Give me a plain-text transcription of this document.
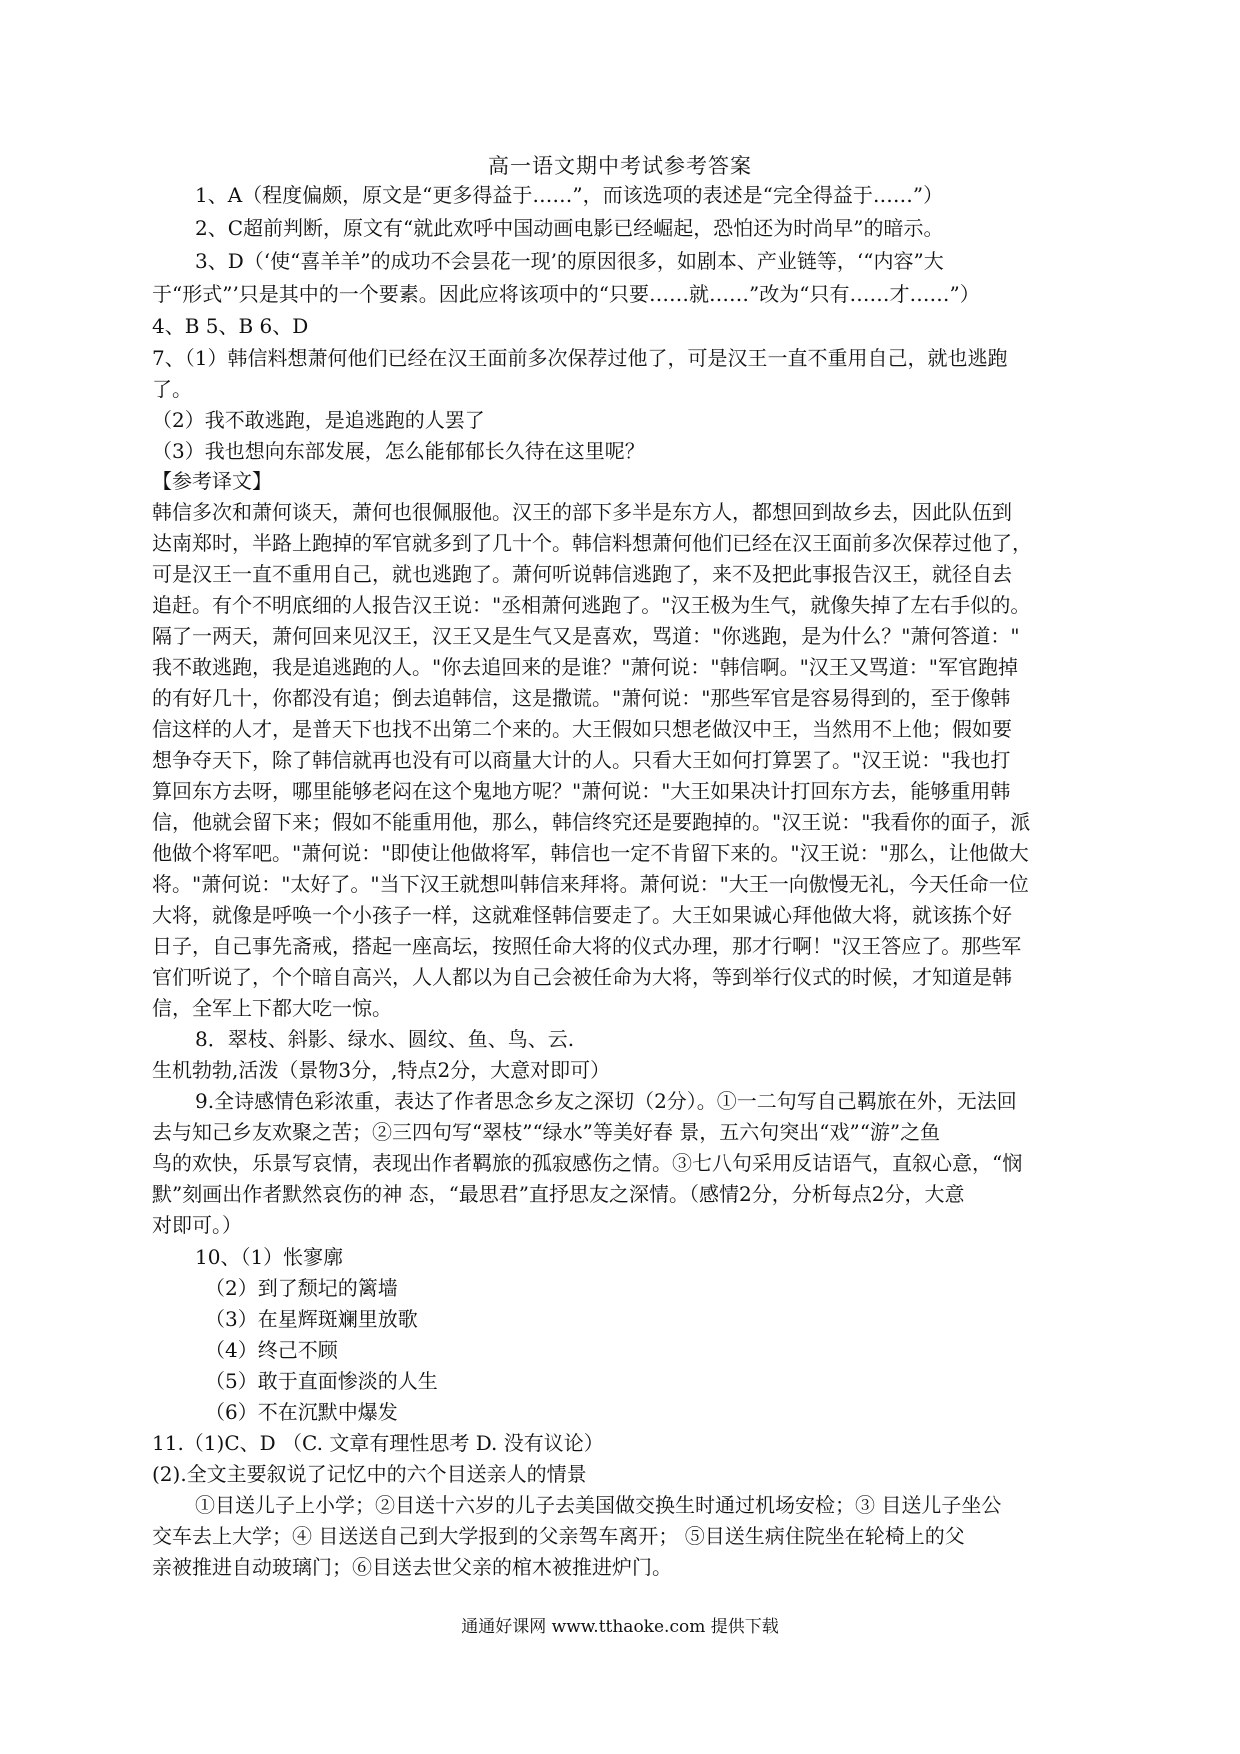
高一语文期中考试参考答案
1、A（程度偏颇，原文是“更多得益于……”，而该选项的表述是“完全得益于……”）
2、C超前判断，原文有“就此欢呼中国动画电影已经崛起，恐怕还为时尚早”的暗示。
3、D（‘使“喜羊羊”的成功不会昙花一现’的原因很多，如剧本、产业链等，‘“内容”大
于“形式”’只是其中的一个要素。因此应将该项中的“只要……就……”改为“只有……才……”）
4、B 5、B 6、D
7、（1）韩信料想萧何他们已经在汉王面前多次保荐过他了，可是汉王一直不重用自己，就也逃跑
了。
（2）我不敢逃跑，是追逃跑的人罢了
（3）我也想向东部发展，怎么能郁郁长久待在这里呢？
【参考译文】
韩信多次和萧何谈天，萧何也很佩服他。汉王的部下多半是东方人，都想回到故乡去，因此队伍到
达南郑时，半路上跑掉的军官就多到了几十个。韩信料想萧何他们已经在汉王面前多次保荐过他了，
可是汉王一直不重用自己，就也逃跑了。萧何听说韩信逃跑了，来不及把此事报告汉王，就径自去
追赶。有个不明底细的人报告汉王说："丞相萧何逃跑了。"汉王极为生气，就像失掉了左右手似的。
隔了一两天，萧何回来见汉王，汉王又是生气又是喜欢，骂道："你逃跑，是为什么？"萧何答道："
我不敢逃跑，我是追逃跑的人。"你去追回来的是谁？"萧何说："韩信啊。"汉王又骂道："军官跑掉
的有好几十，你都没有追；倒去追韩信，这是撒谎。"萧何说："那些军官是容易得到的，至于像韩
信这样的人才，是普天下也找不出第二个来的。大王假如只想老做汉中王，当然用不上他；假如要
想争夺天下，除了韩信就再也没有可以商量大计的人。只看大王如何打算罢了。"汉王说："我也打
算回东方去呀，哪里能够老闷在这个鬼地方呢？"萧何说："大王如果决计打回东方去，能够重用韩
信，他就会留下来；假如不能重用他，那么，韩信终究还是要跑掉的。"汉王说："我看你的面子，派
他做个将军吧。"萧何说："即使让他做将军，韩信也一定不肯留下来的。"汉王说："那么，让他做大
将。"萧何说："太好了。"当下汉王就想叫韩信来拜将。萧何说："大王一向傲慢无礼，今天任命一位
大将，就像是呼唤一个小孩子一样，这就难怪韩信要走了。大王如果诚心拜他做大将，就该拣个好
日子，自己事先斋戒，搭起一座高坛，按照任命大将的仪式办理，那才行啊！"汉王答应了。那些军
官们听说了，个个暗自高兴，人人都以为自己会被任命为大将，等到举行仪式的时候，才知道是韩
信，全军上下都大吃一惊。
8．翠枝、斜影、绿水、圆纹、鱼、鸟、云.
生机勃勃,活泼（景物3分，,特点2分，大意对即可）
9.全诗感情色彩浓重，表达了作者思念乡友之深切（2分）。①一二句写自己羁旅在外，无法回
去与知己乡友欢聚之苦；②三四句写“翠枝”“绿水”等美好春 景，五六句突出“戏”“游”之鱼
鸟的欢快，乐景写哀情，表现出作者羁旅的孤寂感伤之情。③七八句采用反诘语气，直叙心意，“悯
默”刻画出作者默然哀伤的神 态，“最思君”直抒思友之深情。（感情2分，分析每点2分，大意
对即可。）
10、（1）怅寥廓
（2）到了颓圮的篱墙
（3）在星辉斑斓里放歌
（4）终己不顾
（5）敢于直面惨淡的人生
（6）不在沉默中爆发
11.（1)C、D （C. 文章有理性思考 D. 没有议论）
(2).全文主要叙说了记忆中的六个目送亲人的情景
①目送儿子上小学；②目送十六岁的儿子去美国做交换生时通过机场安检；③ 目送儿子坐公
交车去上大学；④ 目送送自己到大学报到的父亲驾车离开； ⑤目送生病住院坐在轮椅上的父
亲被推进自动玻璃门；⑥目送去世父亲的棺木被推进炉门。
通通好课网 www.tthaoke.com 提供下载
